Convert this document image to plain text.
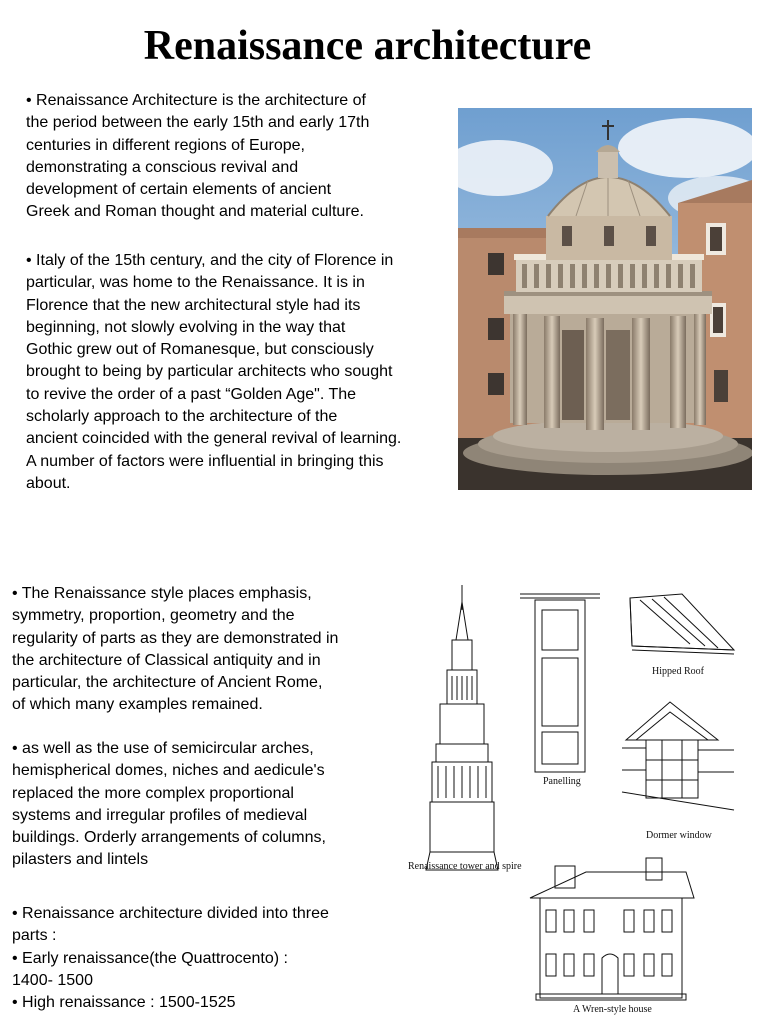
Renaissance architecture

• Renaissance Architecture is the architecture of
the period between the early 15th and early 17th
centuries in different regions of Europe,
demonstrating a conscious revival and
development of certain elements of ancient
Greek and Roman thought and material culture.

• Italy of the 15th century, and the city of Florence in
particular, was home to the Renaissance. It is in
Florence that the new architectural style had its
beginning, not slowly evolving in the way that
Gothic grew out of Romanesque, but consciously
brought to being by particular architects who sought
to revive the order of a past “Golden Age". The
scholarly approach to the architecture of the
ancient coincided with the general revival of learning.
A number of factors were influential in bringing this
about.

• The Renaissance style places emphasis,
symmetry, proportion, geometry and the
regularity of parts as they are demonstrated in
the architecture of Classical antiquity and in
particular, the architecture of Ancient Rome,
of which many examples remained.

• as well as the use of semicircular arches,
hemispherical domes, niches and aedicule's
replaced the more complex proportional
systems and irregular profiles of medieval
buildings. Orderly arrangements of columns,
pilasters and lintels

• Renaissance architecture divided into three
parts :
• Early renaissance(the Quattrocento) :
1400- 1500
• High renaissance : 1500-1525

Hipped Roof
Panelling
Dormer window
Renaissance tower and spire
A Wren-style house
